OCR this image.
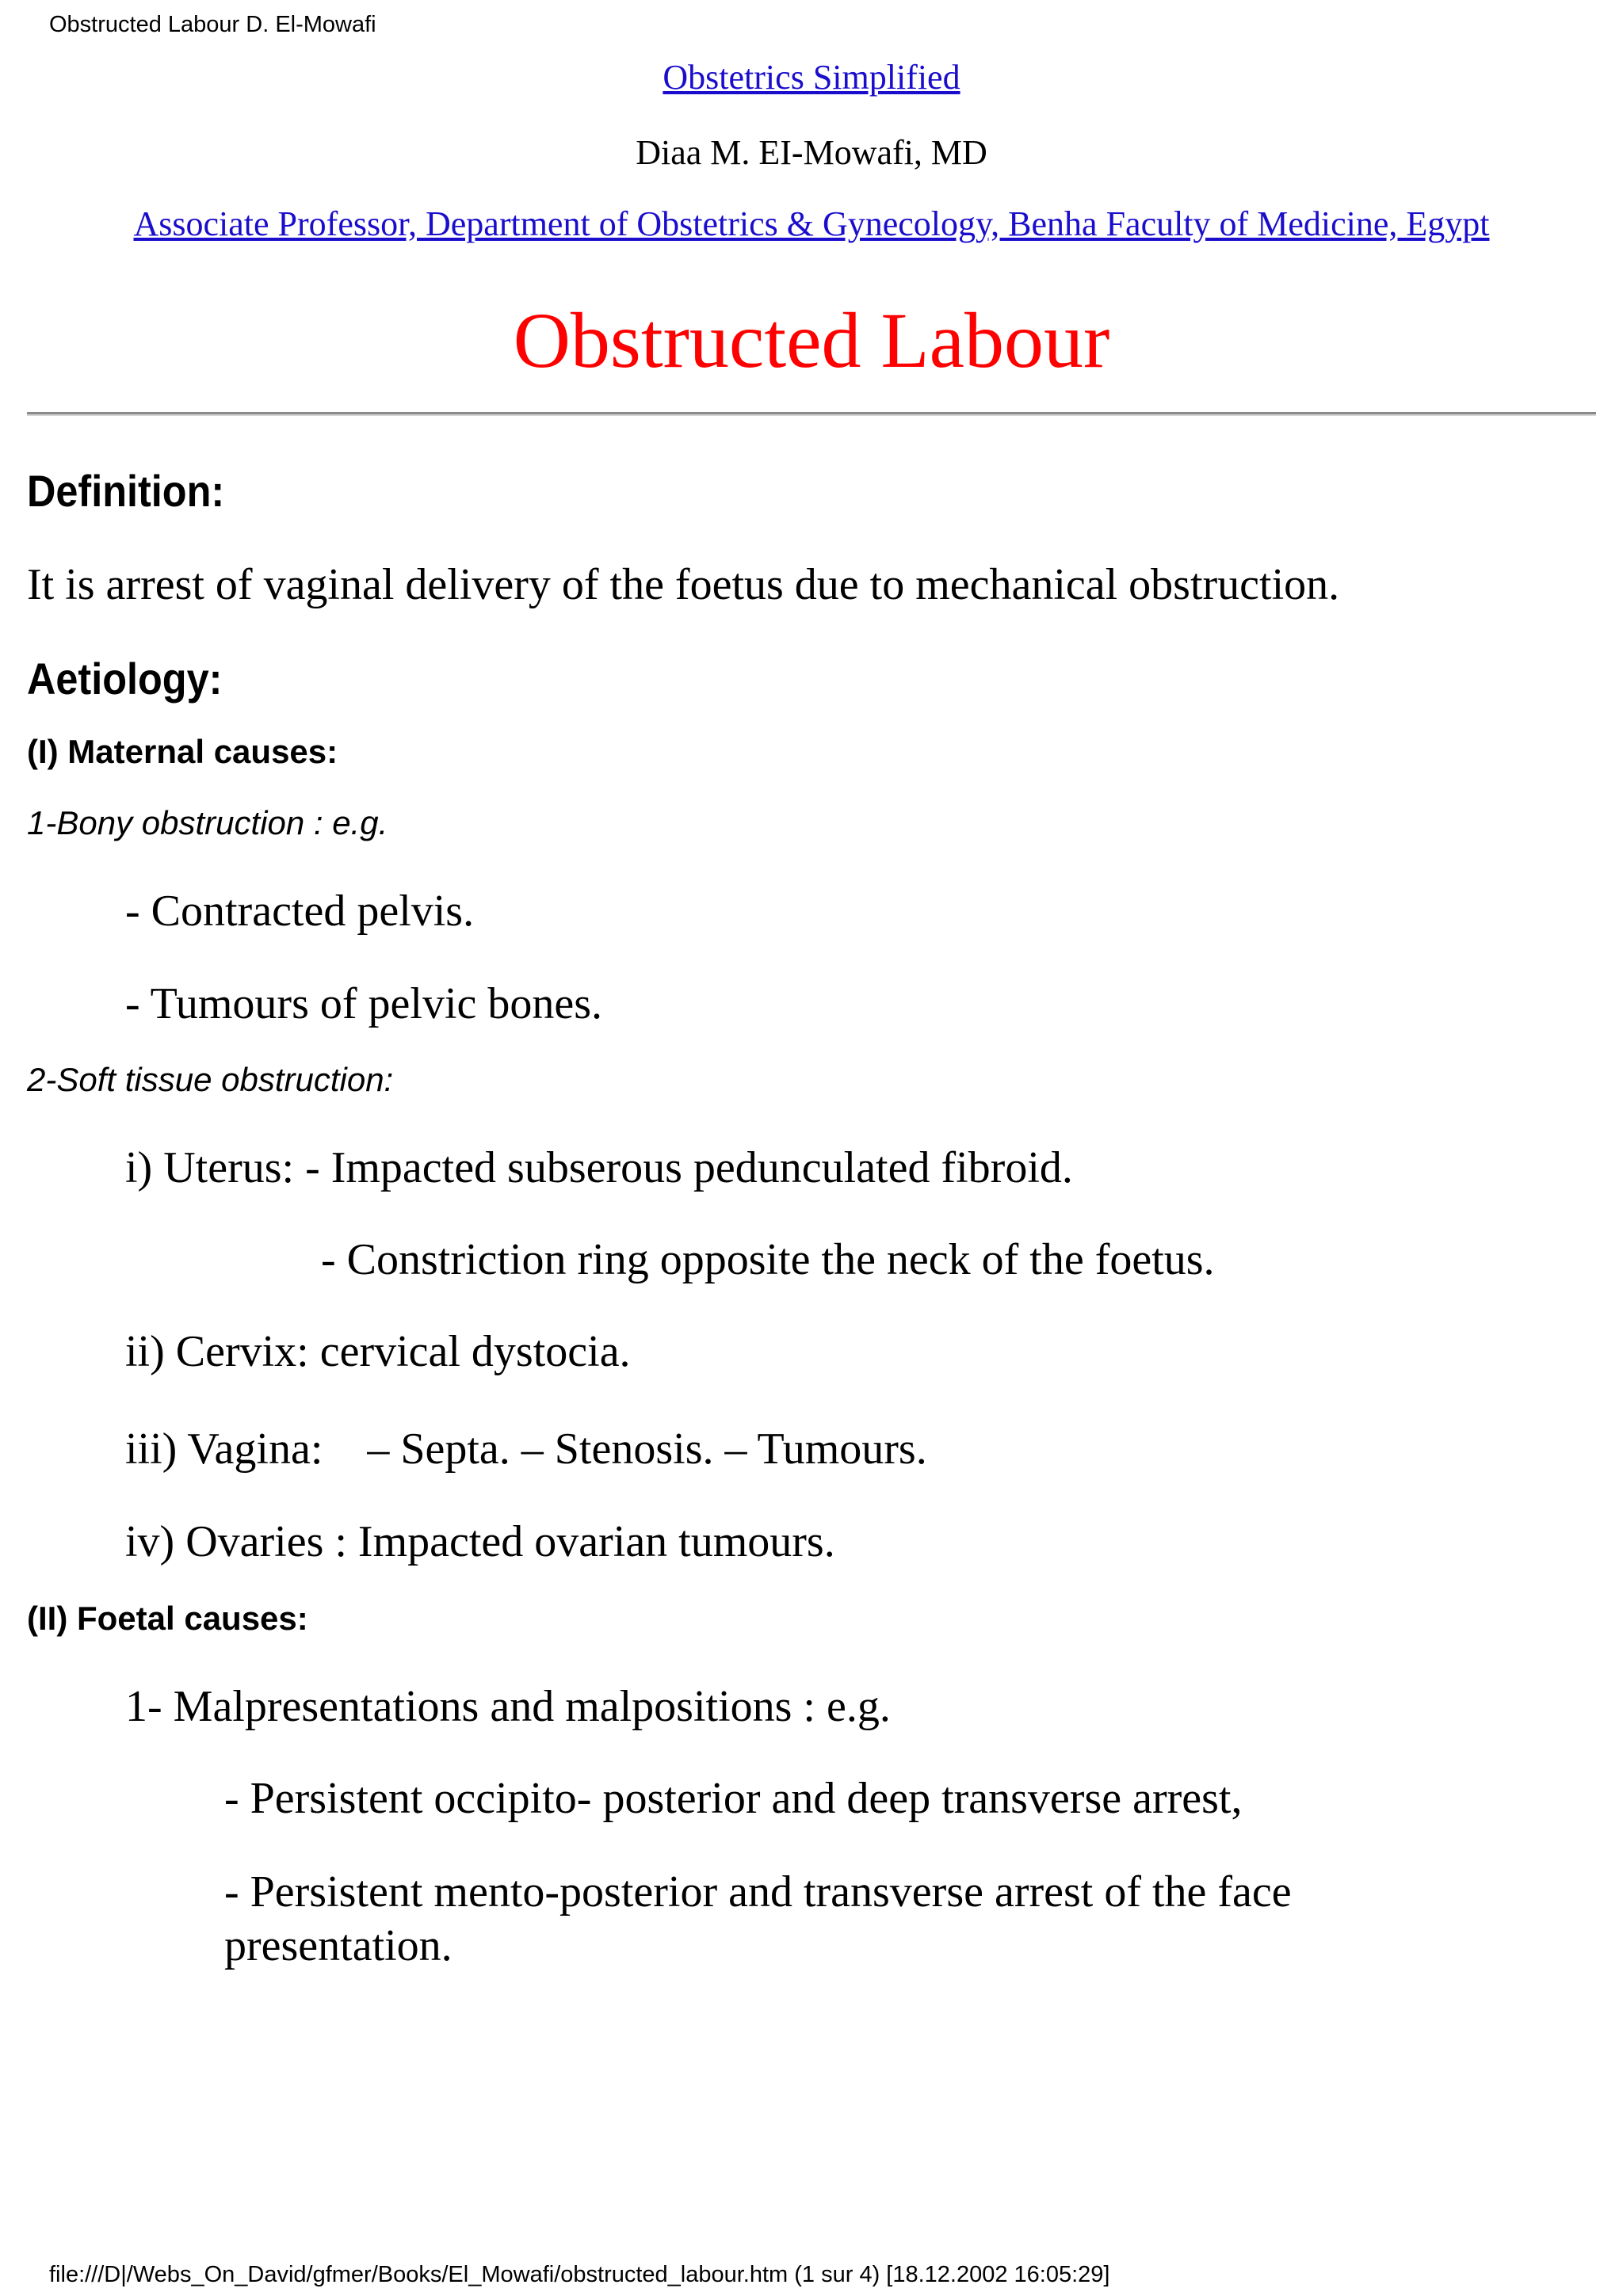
Obstructed Labour D. El-Mowafi
Obstetrics Simplified
Diaa M. EI-Mowafi, MD
Associate Professor, Department of Obstetrics & Gynecology, Benha Faculty of Medicine, Egypt
Obstructed Labour
Definition:

It is arrest of vaginal delivery of the foetus due to mechanical obstruction.

Aetiology:
(I) Maternal causes:

1-Bony obstruction : e.g.

- Contracted pelvis.

- Tumours of pelvic bones.

2-Soft tissue obstruction:

i) Uterus: - Impacted subserous pedunculated fibroid.

- Constriction ring opposite the neck of the foetus.

ii) Cervix: cervical dystocia.

iii) Vagina:    – Septa. – Stenosis. – Tumours.

iv) Ovaries : Impacted ovarian tumours.

(II) Foetal causes:

1- Malpresentations and malpositions : e.g.

- Persistent occipito- posterior and deep transverse arrest,

- Persistent mento-posterior and transverse arrest of the face presentation.

file:///D|/Webs_On_David/gfmer/Books/El_Mowafi/obstructed_labour.htm (1 sur 4) [18.12.2002 16:05:29]
